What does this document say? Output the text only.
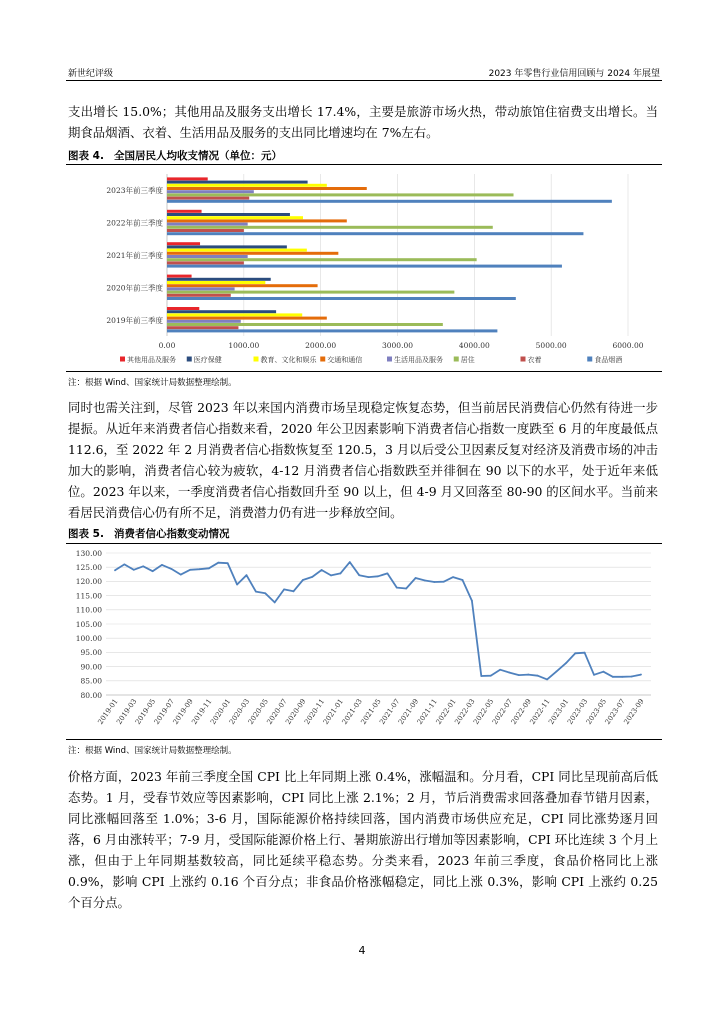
新世纪评级	2023 年零售行业信用回顾与 2024 年展望

支出增长 15.0%；其他用品及服务支出增长 17.4%，主要是旅游市场火热，带动旅馆住宿费支出增长。当期食品烟酒、衣着、生活用品及服务的支出同比增速均在 7%左右。

图表 4. 全国居民人均收支情况（单位：元）
0.00	1000.00	2000.00	3000.00	4000.00	5000.00	6000.00
2023年前三季度
2022年前三季度
2021年前三季度
2020年前三季度
2019年前三季度
其他用品及服务	医疗保健	教育、文化和娱乐 交通和通信	生活用品及服务	居住	衣着	食品烟酒
注：根据 Wind、国家统计局数据整理绘制。

同时也需关注到，尽管 2023 年以来国内消费市场呈现稳定恢复态势，但当前居民消费信心仍然有待进一步提振。从近年来消费者信心指数来看，2020 年公卫因素影响下消费者信心指数一度跌至 6 月的年度最低点 112.6，至 2022 年 2 月消费者信心指数恢复至 120.5，3 月以后受公卫因素反复对经济及消费市场的冲击加大的影响，消费者信心较为疲软，4-12 月消费者信心指数跌至并徘徊在 90 以下的水平，处于近年来低位。2023 年以来，一季度消费者信心指数回升至 90 以上，但 4-9 月又回落至 80-90 的区间水平。当前来看居民消费信心仍有所不足，消费潜力仍有进一步释放空间。

图表 5. 消费者信心指数变动情况
80.00
85.00
90.00
95.00
100.00
105.00
110.00
115.00
120.00
125.00
130.00
2019-01
2019-03
2019-05
2019-07
2019-09
2019-11
2020-01
2020-03
2020-05
2020-07
2020-09
2020-11
2021-01
2021-03
2021-05
2021-07
2021-09
2021-11
2022-01
2022-03
2022-05
2022-07
2022-09
2022-11
2023-01
2023-03
2023-05
2023-07
2023-09
注：根据 Wind、国家统计局数据整理绘制。

价格方面，2023 年前三季度全国 CPI 比上年同期上涨 0.4%，涨幅温和。分月看，CPI 同比呈现前高后低态势。1 月，受春节效应等因素影响，CPI 同比上涨 2.1%；2 月，节后消费需求回落叠加春节错月因素，同比涨幅回落至 1.0%；3-6 月，国际能源价格持续回落，国内消费市场供应充足，CPI 同比涨势逐月回落，6 月由涨转平；7-9 月，受国际能源价格上行、暑期旅游出行增加等因素影响，CPI 环比连续 3 个月上涨，但由于上年同期基数较高，同比延续平稳态势。分类来看，2023 年前三季度，食品价格同比上涨 0.9%，影响 CPI 上涨约 0.16 个百分点；非食品价格涨幅稳定，同比上涨 0.3%，影响 CPI 上涨约 0.25 个百分点。

4
